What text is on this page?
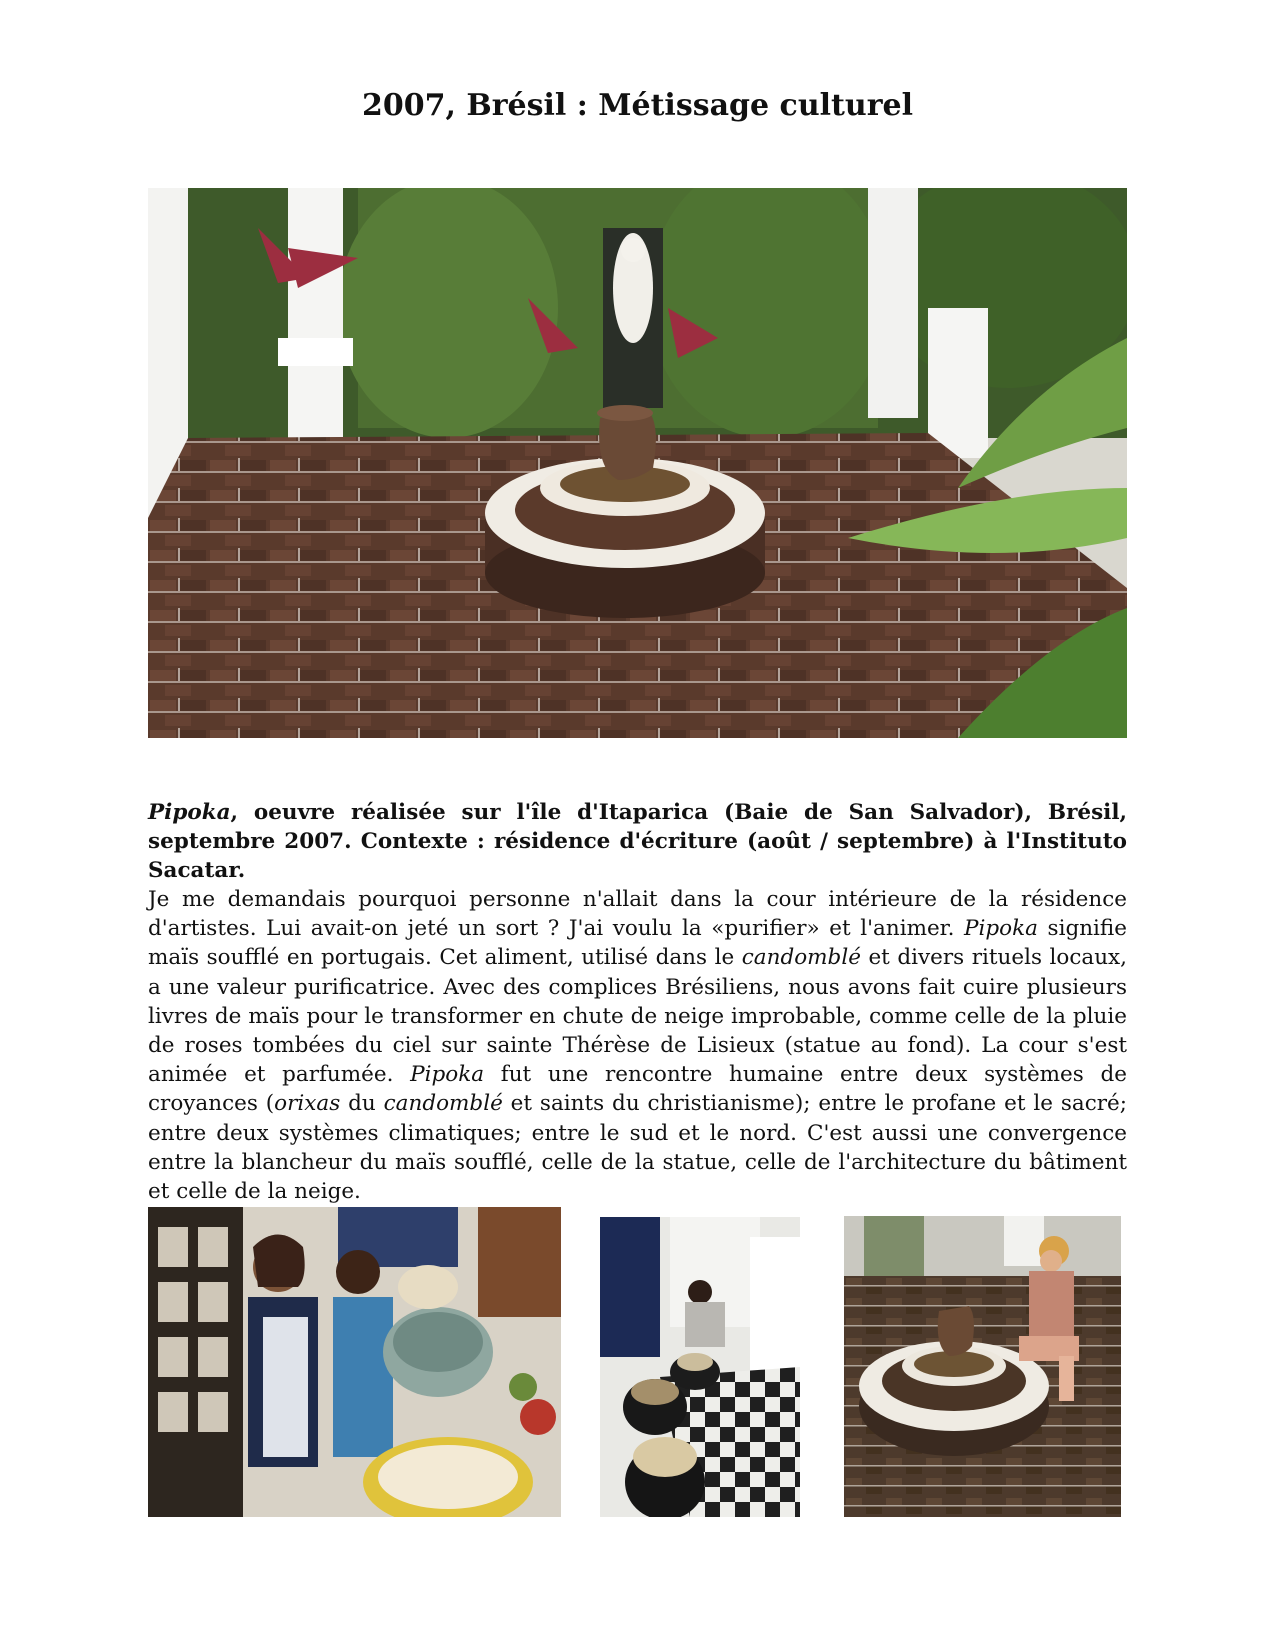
2007, Brésil : Métissage culturel

Pipoka, oeuvre réalisée sur l'île d'Itaparica (Baie de San Salvador), Brésil, septembre 2007. Contexte : résidence d'écriture (août / septembre) à l'Instituto Sacatar.

Je me demandais pourquoi personne n'allait dans la cour intérieure de la résidence d'artistes. Lui avait-on jeté un sort ? J'ai voulu la «purifier» et l'animer. Pipoka signifie maïs soufflé en portugais. Cet aliment, utilisé dans le candomblé et divers rituels locaux, a une valeur purificatrice. Avec des complices Brésiliens, nous avons fait cuire plusieurs livres de maïs pour le transformer en chute de neige improbable, comme celle de la pluie de roses tombées du ciel sur sainte Thérèse de Lisieux (statue au fond). La cour s'est animée et parfumée. Pipoka fut une rencontre humaine entre deux systèmes de croyances (orixas du candomblé et saints du christianisme); entre le profane et le sacré; entre deux systèmes climatiques; entre le sud et le nord. C'est aussi une convergence entre la blancheur du maïs soufflé, celle de la statue, celle de l'architecture du bâtiment et celle de la neige.
